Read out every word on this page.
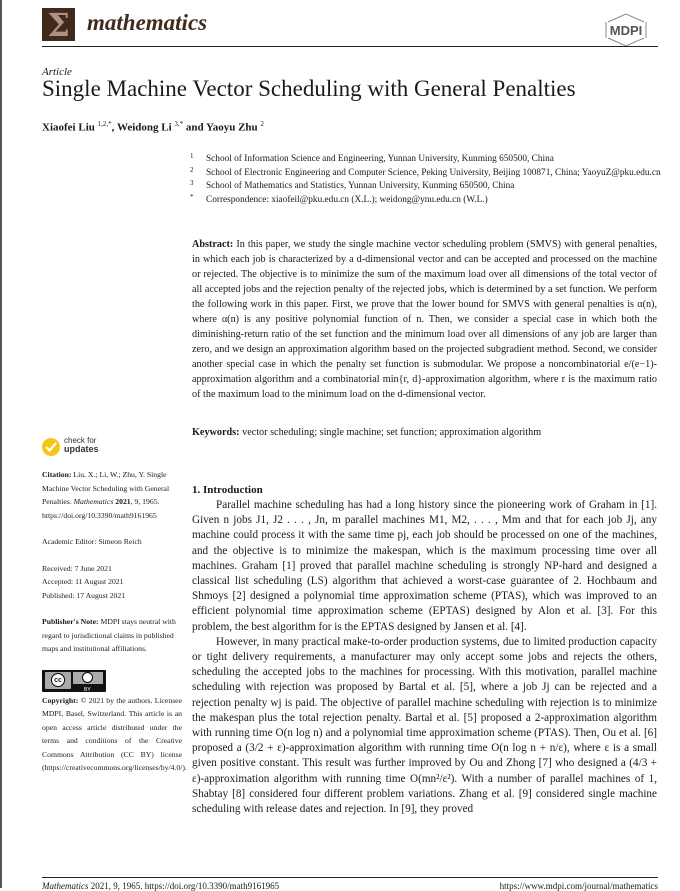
Σ mathematics	MDPI
Article
Single Machine Vector Scheduling with General Penalties
Xiaofei Liu $^{1,2,*}$, Weidong Li $^{3,*}$ and Yaoyu Zhu $^2$
1 School of Information Science and Engineering, Yunnan University, Kunming 650500, China
2 School of Electronic Engineering and Computer Science, Peking University, Beijing 100871, China; YaoyuZ@pku.edu.cn
3 School of Mathematics and Statistics, Yunnan University, Kunming 650500, China
* Correspondence: xiaofeil@pku.edu.cn (X.L.); weidong@ynu.edu.cn (W.L.)
Abstract: In this paper, we study the single machine vector scheduling problem (SMVS) with general penalties, in which each job is characterized by a d-dimensional vector and can be accepted and processed on the machine or rejected. The objective is to minimize the sum of the maximum load over all dimensions of the total vector of all accepted jobs and the rejection penalty of the rejected jobs, which is determined by a set function. We perform the following work in this paper. First, we prove that the lower bound for SMVS with general penalties is α(n), where α(n) is any positive polynomial function of n. Then, we consider a special case in which both the diminishing-return ratio of the set function and the minimum load over all dimensions of any job are larger than zero, and we design an approximation algorithm based on the projected subgradient method. Second, we consider another special case in which the penalty set function is submodular. We propose a noncombinatorial e/(e−1)-approximation algorithm and a combinatorial min{r, d}-approximation algorithm, where r is the maximum ratio of the maximum load to the minimum load on the d-dimensional vector.
Keywords: vector scheduling; single machine; set function; approximation algorithm
check for
updates
Citation: Liu, X.; Li, W.; Zhu, Y. Single Machine Vector Scheduling with General Penalties. Mathematics 2021, 9, 1965. https://doi.org/10.3390/math9161965
Academic Editor: Simeon Reich
Received: 7 June 2021
Accepted: 11 August 2021
Published: 17 August 2021
Publisher's Note: MDPI stays neutral with regard to jurisdictional claims in published maps and institutional affiliations.
cc
BY
Copyright: © 2021 by the authors. Licensee MDPI, Basel, Switzerland. This article is an open access article distributed under the terms and conditions of the Creative Commons Attribution (CC BY) license (https://creativecommons.org/licenses/by/4.0/).
1. Introduction

Parallel machine scheduling has had a long history since the pioneering work of Graham in [1]. Given n jobs J1, J2 . . . , Jn, m parallel machines M1, M2, . . . , Mm and that for each job Jj, any machine could process it with the same time pj, each job should be processed on one of the machines, and the objective is to minimize the makespan, which is the maximum processing time over all machines. Graham [1] proved that parallel machine scheduling is strongly NP-hard and designed a classical list scheduling (LS) algorithm that achieved a worst-case guarantee of 2. Hochbaum and Shmoys [2] designed a polynomial time approximation scheme (PTAS), which was improved to an efficient polynomial time approximation scheme (EPTAS) designed by Alon et al. [3]. For this problem, the best algorithm for is the EPTAS designed by Jansen et al. [4].

However, in many practical make-to-order production systems, due to limited production capacity or tight delivery requirements, a manufacturer may only accept some jobs and rejects the others, scheduling the accepted jobs to the machines for processing. With this motivation, parallel machine scheduling with rejection was proposed by Bartal et al. [5], where a job Jj can be rejected and a rejection penalty wj is paid. The objective of parallel machine scheduling with rejection is to minimize the makespan plus the total rejection penalty. Bartal et al. [5] proposed a 2-approximation algorithm with running time O(n log n) and a polynomial time approximation scheme (PTAS). Then, Ou et al. [6] proposed a (3/2 + ε)-approximation algorithm with running time O(n log n + n/ε), where ε is a small given positive constant. This result was further improved by Ou and Zhong [7] who designed a (4/3 + ε)-approximation algorithm with running time O(mn²/ε²). With a number of parallel machines of 1, Shabtay [8] considered four different problem variations. Zhang et al. [9] considered single machine scheduling with release dates and rejection. In [9], they proved

Mathematics 2021, 9, 1965. https://doi.org/10.3390/math9161965	https://www.mdpi.com/journal/mathematics
